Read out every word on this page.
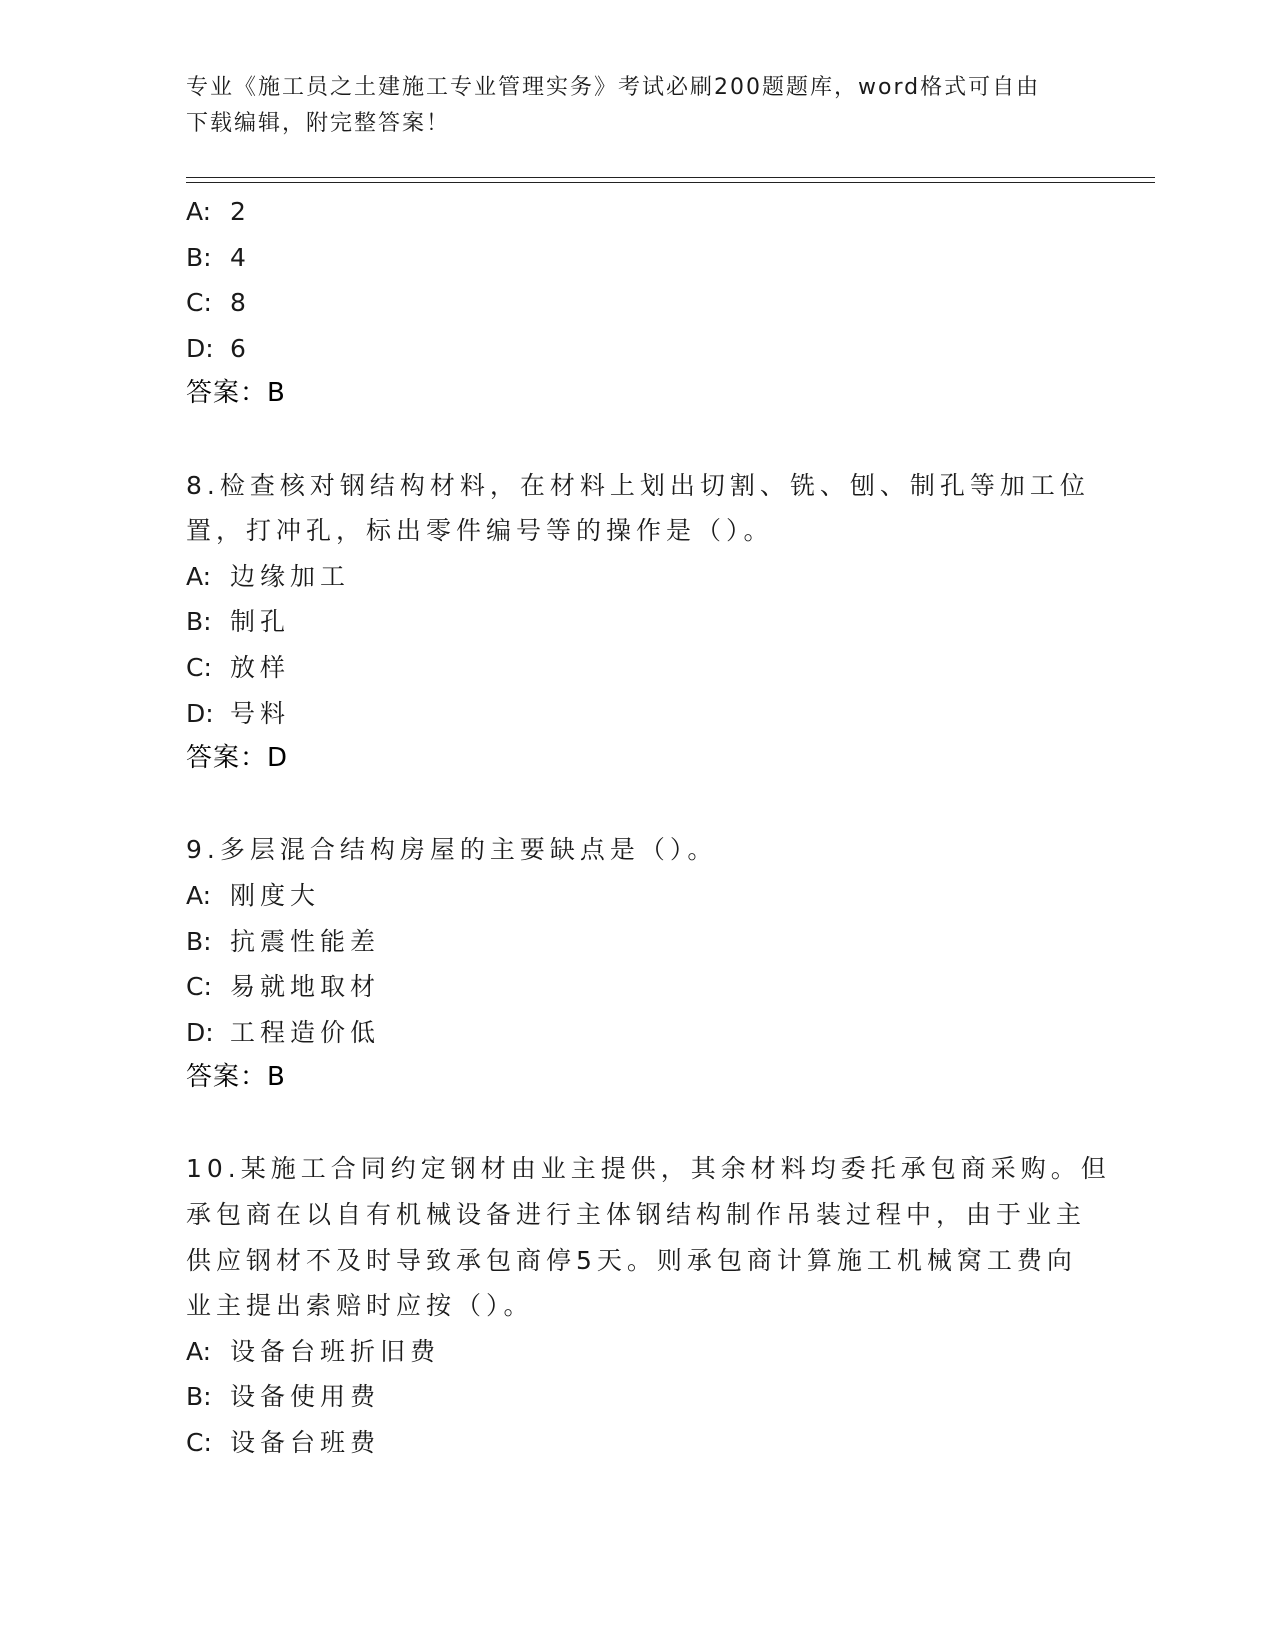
专业《施工员之土建施工专业管理实务》考试必刷200题题库，word格式可自由
下载编辑，附完整答案！
A: 2
B: 4
C: 8
D: 6
答案：B
8.检查核对钢结构材料，在材料上划出切割、铣、刨、制孔等加工位
置，打冲孔，标出零件编号等的操作是（）。
A: 边缘加工
B: 制孔
C: 放样
D: 号料
答案：D
9.多层混合结构房屋的主要缺点是（）。
A: 刚度大
B: 抗震性能差
C: 易就地取材
D: 工程造价低
答案：B
10.某施工合同约定钢材由业主提供，其余材料均委托承包商采购。但
承包商在以自有机械设备进行主体钢结构制作吊装过程中，由于业主
供应钢材不及时导致承包商停5天。则承包商计算施工机械窝工费向
业主提出索赔时应按（）。
A: 设备台班折旧费
B: 设备使用费
C: 设备台班费
